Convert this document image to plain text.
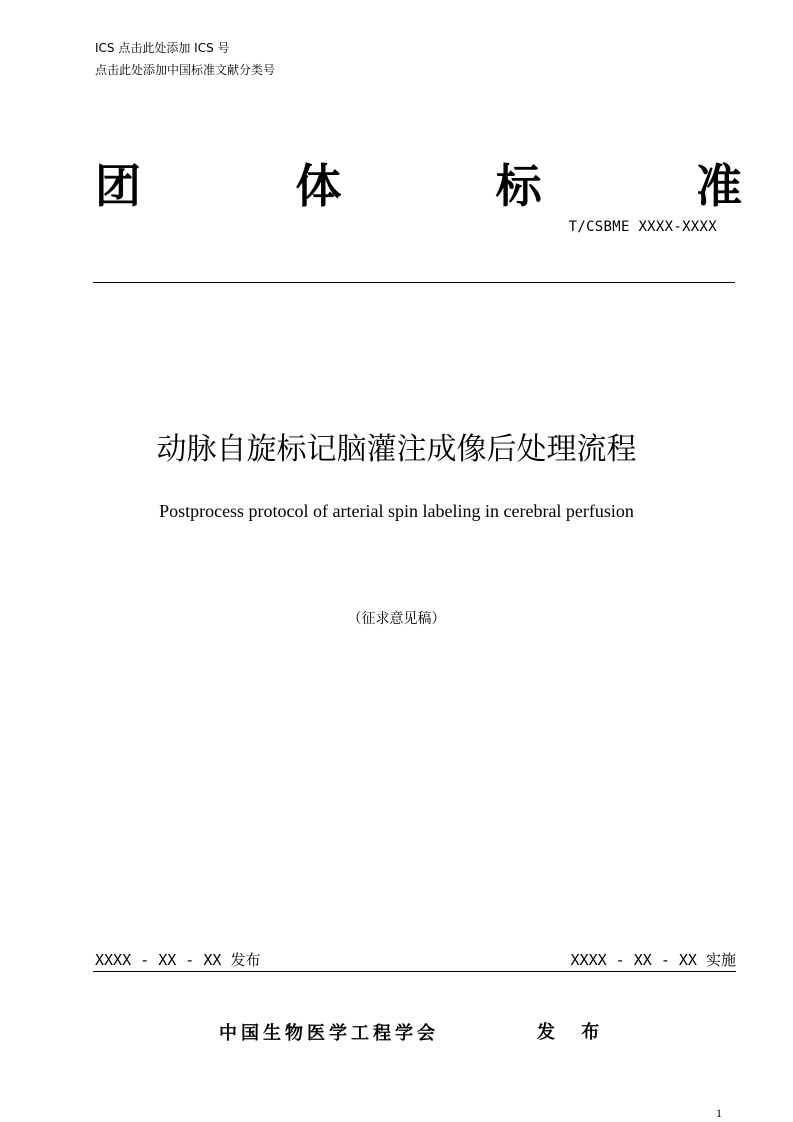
ICS 点击此处添加 ICS 号
点击此处添加中国标准文献分类号
团	体	标	准
T/CSBME XXXX-XXXX
动脉自旋标记脑灌注成像后处理流程
Postprocess protocol of arterial spin labeling in cerebral perfusion
（征求意见稿）
XXXX - XX - XX 发布	XXXX - XX - XX 实施
中国生物医学工程学会	发 布
1
